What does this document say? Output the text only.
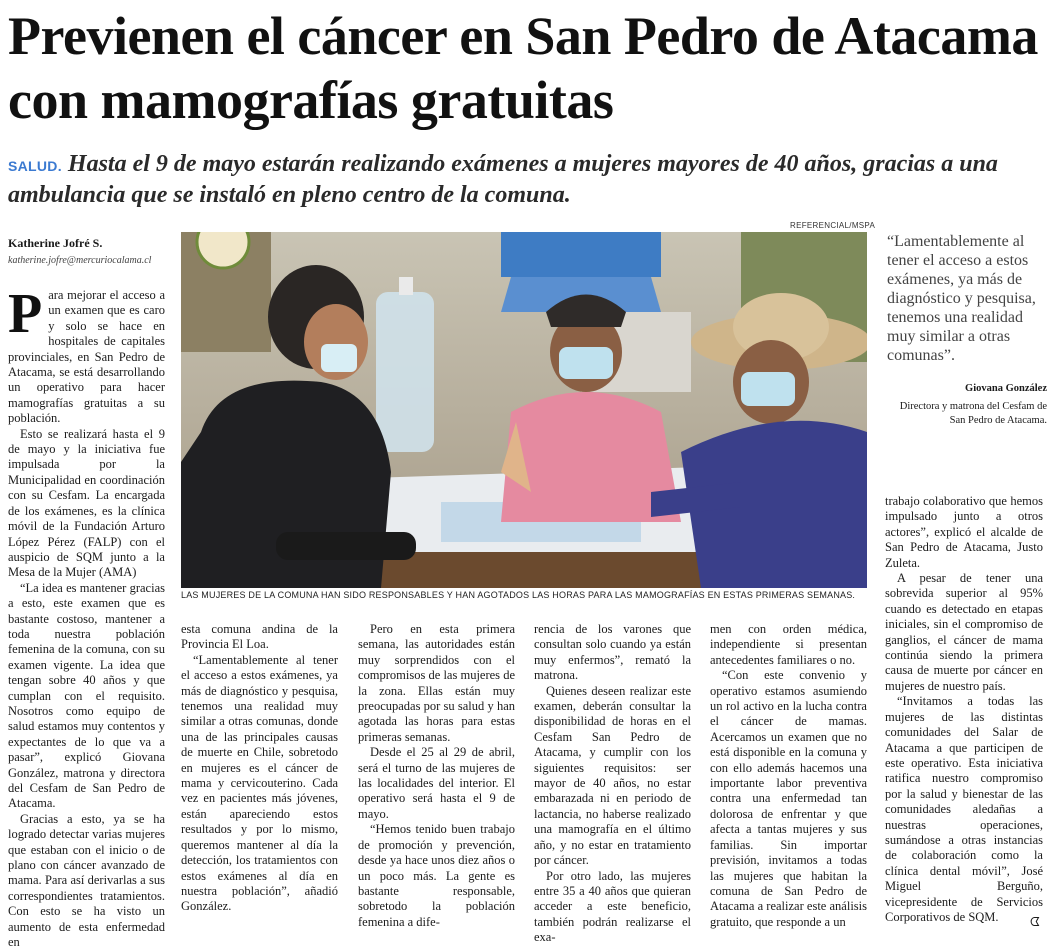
Previenen el cáncer en San Pedro de Atacama con mamografías gratuitas

SALUD. Hasta el 9 de mayo estarán realizando exámenes a mujeres mayores de 40 años, gracias a una ambulancia que se instaló en pleno centro de la comuna.

Katherine Jofré S.
katherine.jofre@mercuriocalama.cl

Para mejorar el acceso a un examen que es caro y solo se hace en hospitales de capitales provinciales, en San Pedro de Atacama, se está desarrollando un operativo para hacer mamografías gratuitas a su población.

Esto se realizará hasta el 9 de mayo y la iniciativa fue impulsada por la Municipalidad en coordinación con su Cesfam. La encargada de los exámenes, es la clínica móvil de la Fundación Arturo López Pérez (FALP) con el auspicio de SQM junto a la Mesa de la Mujer (AMA)

“La idea es mantener gracias a esto, este examen que es bastante costoso, mantener a toda nuestra población femenina de la comuna, con su examen vigente. La idea que tengan sobre 40 años y que cumplan con el requisito. Nosotros como equipo de salud estamos muy contentos y expectantes de lo que va a pasar”, explicó Giovana González, matrona y directora del Cesfam de San Pedro de Atacama.

Gracias a esto, ya se ha logrado detectar varias mujeres que estaban con el inicio o de plano con cáncer avanzado de mama. Para así derivarlas a sus correspondientes tratamientos. Con esto se ha visto un aumento de esta enfermedad en

REFERENCIAL/MSPA
LAS MUJERES DE LA COMUNA HAN SIDO RESPONSABLES Y HAN AGOTADOS LAS HORAS PARA LAS MAMOGRAFÍAS EN ESTAS PRIMERAS SEMANAS.
“Lamentablemente al tener el acceso a estos exámenes, ya más de diagnóstico y pesquisa, tenemos una realidad muy similar a otras comunas”.
Giovana González
Directora y matrona del Cesfam de San Pedro de Atacama.

esta comuna andina de la Provincia El Loa.

“Lamentablemente al tener el acceso a estos exámenes, ya más de diagnóstico y pesquisa, tenemos una realidad muy similar a otras comunas, donde una de las principales causas de muerte en Chile, sobretodo en mujeres es el cáncer de mama y cervicouterino. Cada vez en pacientes más jóvenes, están apareciendo estos resultados y por lo mismo, queremos mantener al día la detección, los tratamientos con estos exámenes al día en nuestra población”, añadió González.

Pero en esta primera semana, las autoridades están muy sorprendidos con el compromisos de las mujeres de la zona. Ellas están muy preocupadas por su salud y han agotada las horas para estas primeras semanas.

Desde el 25 al 29 de abril, será el turno de las mujeres de las localidades del interior. El operativo será hasta el 9 de mayo.

“Hemos tenido buen trabajo de promoción y prevención, desde ya hace unos diez años o un poco más. La gente es bastante responsable, sobretodo la población femenina a dife-

rencia de los varones que consultan solo cuando ya están muy enfermos”, remató la matrona.

Quienes deseen realizar este examen, deberán consultar la disponibilidad de horas en el Cesfam San Pedro de Atacama, y cumplir con los siguientes requisitos: ser mayor de 40 años, no estar embarazada ni en periodo de lactancia, no haberse realizado una mamografía en el último año, y no estar en tratamiento por cáncer.

Por otro lado, las mujeres entre 35 a 40 años que quieran acceder a este beneficio, también podrán realizarse el exa-

men con orden médica, independiente si presentan antecedentes familiares o no.

“Con este convenio y operativo estamos asumiendo un rol activo en la lucha contra el cáncer de mamas. Acercamos un examen que no está disponible en la comuna y con ello además hacemos una importante labor preventiva contra una enfermedad tan dolorosa de enfrentar y que afecta a tantas mujeres y sus familias. Sin importar previsión, invitamos a todas las mujeres que habitan la comuna de San Pedro de Atacama a realizar este análisis gratuito, que responde a un

trabajo colaborativo que hemos impulsado junto a otros actores”, explicó el alcalde de San Pedro de Atacama, Justo Zuleta.

A pesar de tener una sobrevida superior al 95% cuando es detectado en etapas iniciales, sin el compromiso de ganglios, el cáncer de mama continúa siendo la primera causa de muerte por cáncer en mujeres de nuestro país.

“Invitamos a todas las mujeres de las distintas comunidades del Salar de Atacama a que participen de este operativo. Esta iniciativa ratifica nuestro compromiso por la salud y bienestar de las comunidades aledañas a nuestras operaciones, sumándose a otras instancias de colaboración como la clínica dental móvil”, José Miguel Berguño, vicepresidente de Servicios Corporativos de SQM.	ᗧ
